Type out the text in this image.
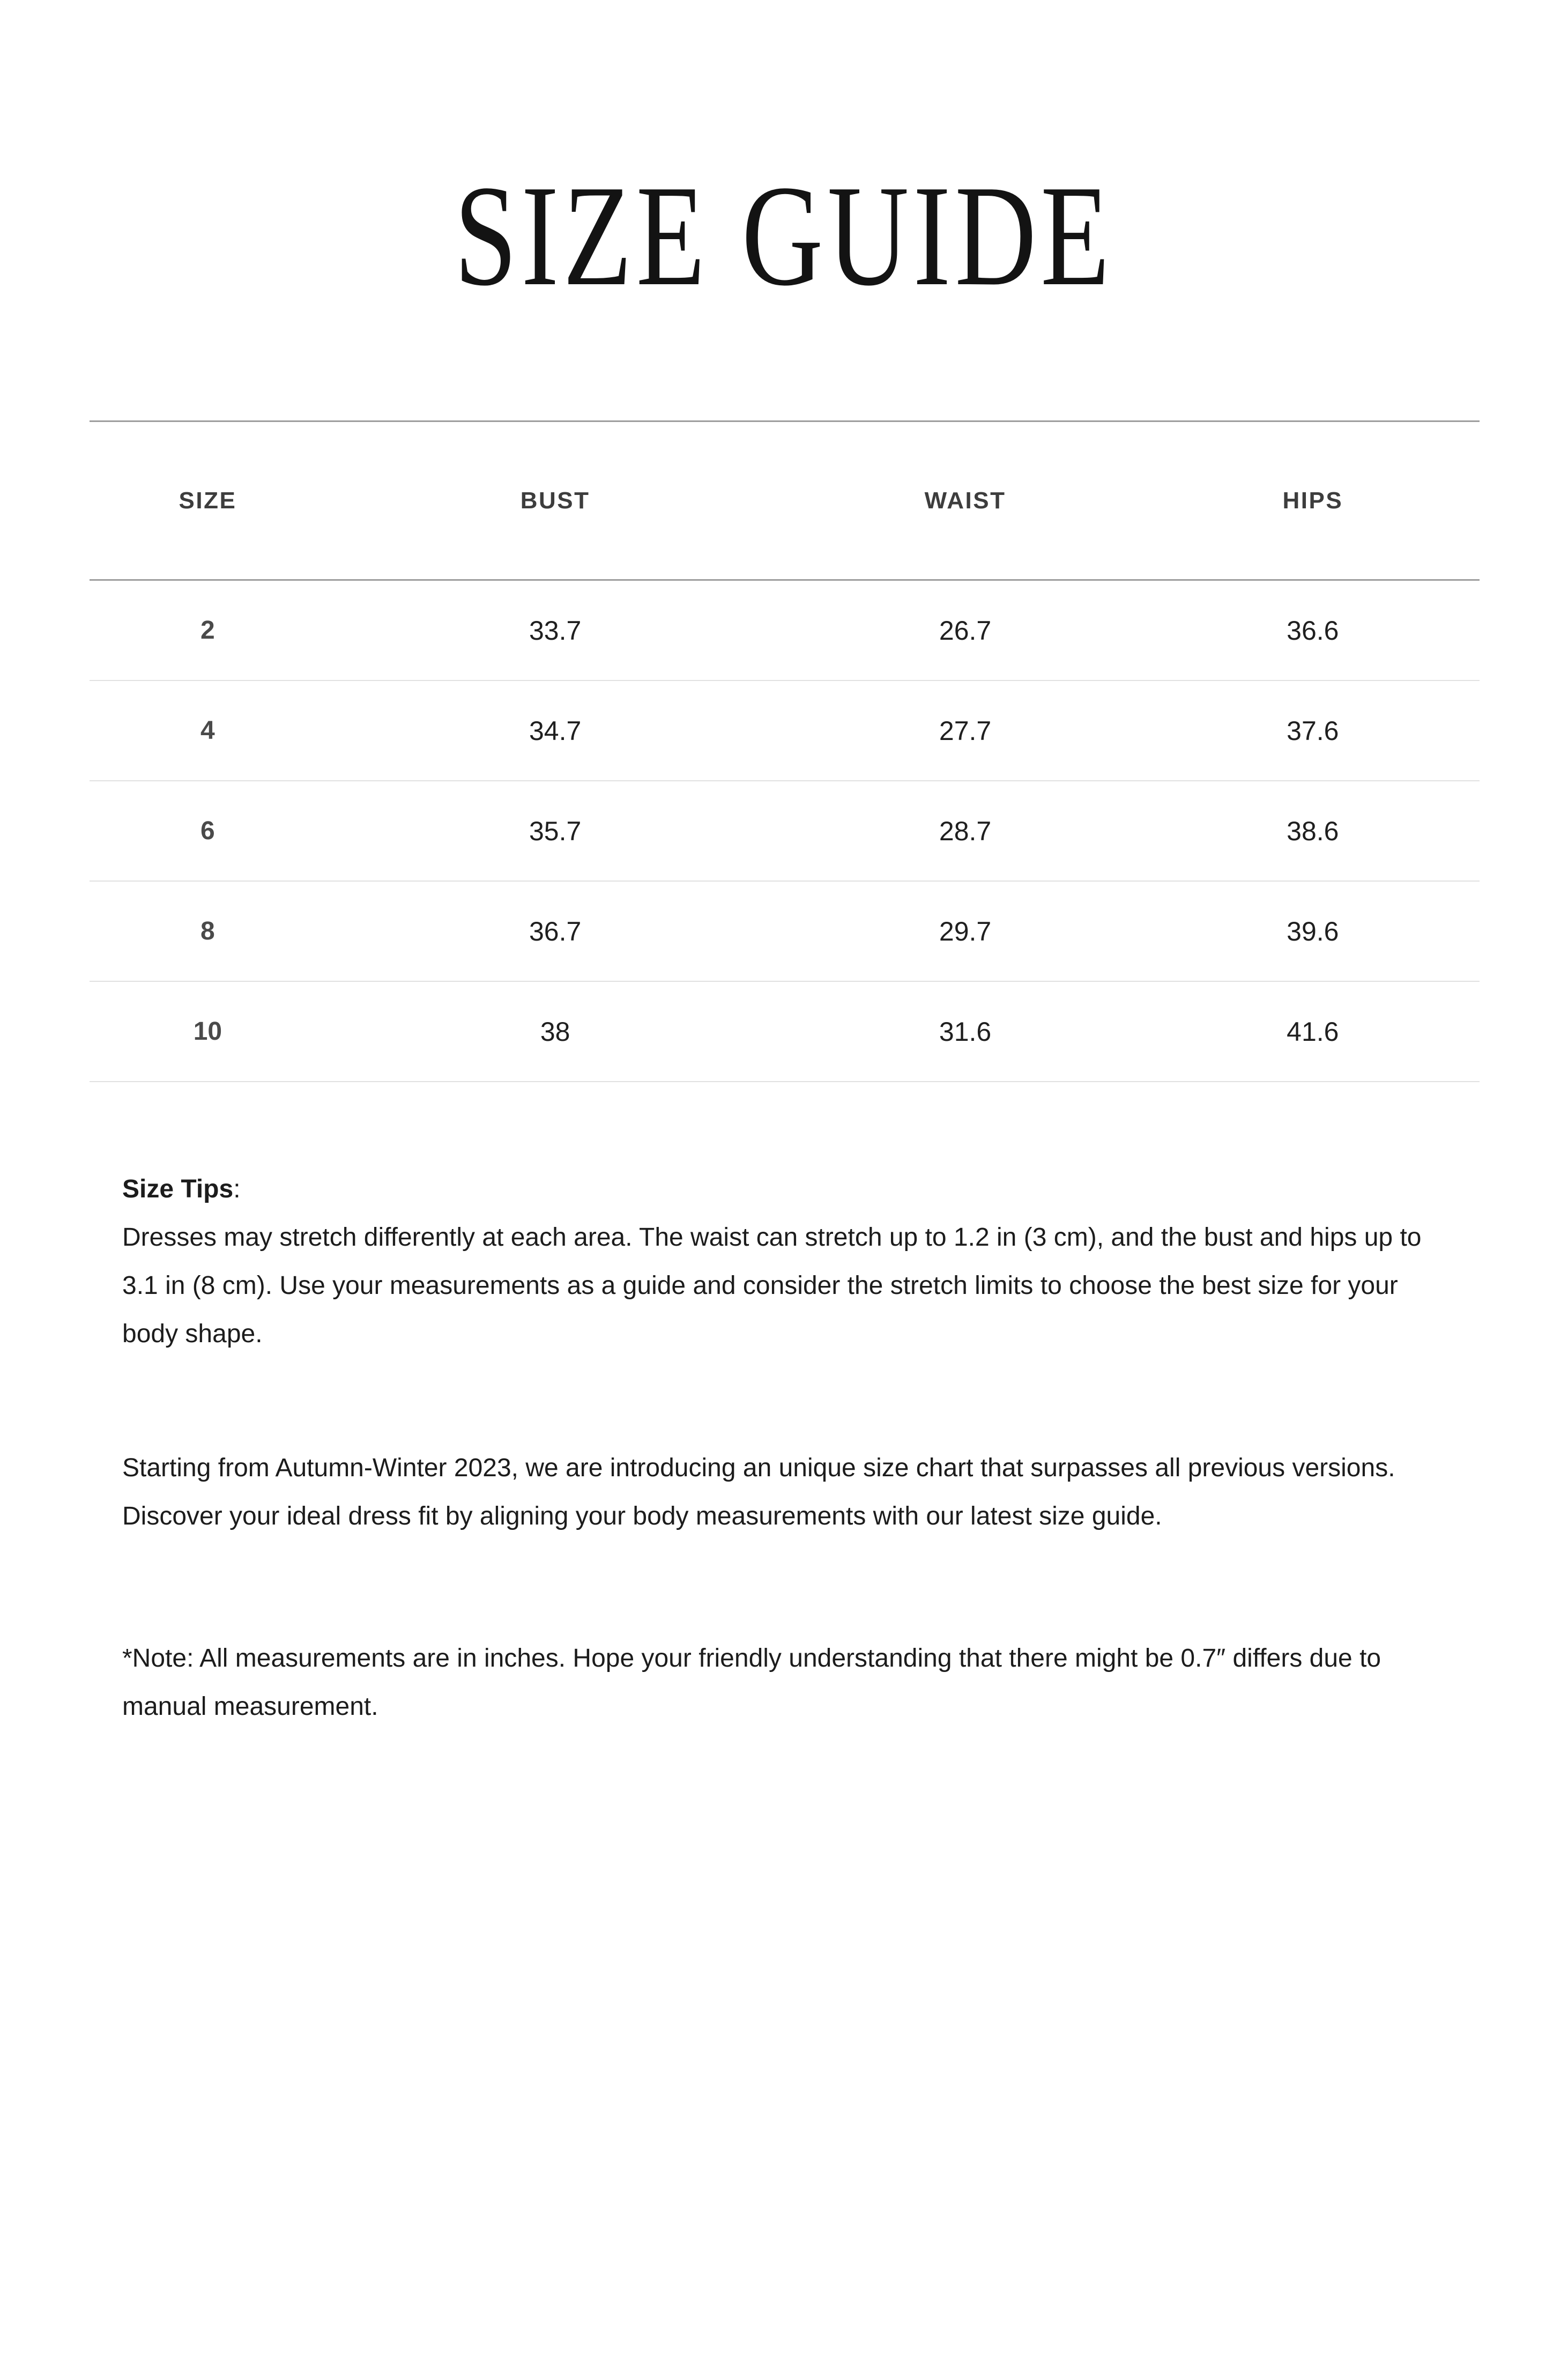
SIZE GUIDE
SIZE	BUST	WAIST	HIPS
2	33.7	26.7	36.6
4	34.7	27.7	37.6
6	35.7	28.7	38.6
8	36.7	29.7	39.6
10	38	31.6	41.6

Size Tips:
Dresses may stretch differently at each area. The waist can stretch up to 1.2 in (3 cm), and the bust and hips up to 3.1 in (8 cm). Use your measurements as a guide and consider the stretch limits to choose the best size for your body shape.

Starting from Autumn-Winter 2023, we are introducing an unique size chart that surpasses all previous versions. Discover your ideal dress fit by aligning your body measurements with our latest size guide.

*Note: All measurements are in inches. Hope your friendly understanding that there might be 0.7″ differs due to manual measurement.
